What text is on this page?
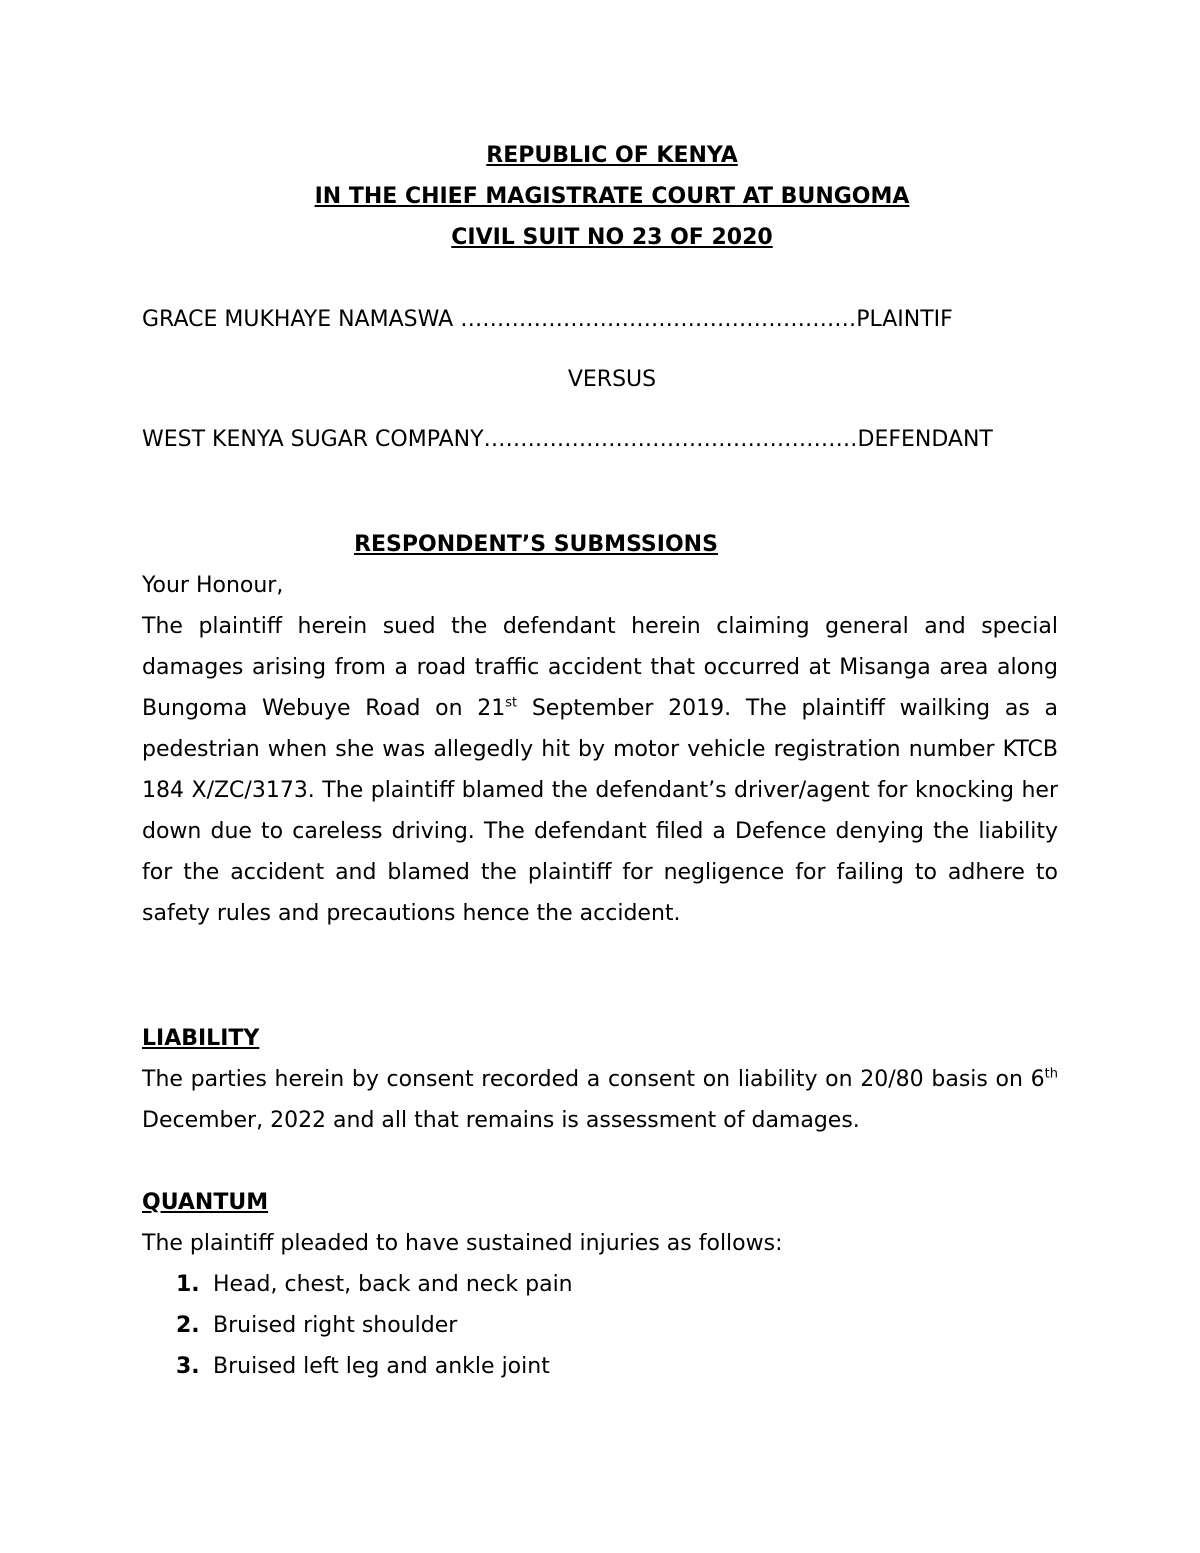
REPUBLIC OF KENYA
IN THE CHIEF MAGISTRATE COURT AT BUNGOMA
CIVIL SUIT NO 23 OF 2020
GRACE MUKHAYE NAMASWA ………………………………………………PLAINTIF
VERSUS
WEST KENYA SUGAR COMPANY……………………………………………DEFENDANT
RESPONDENT’S SUBMSSIONS
Your Honour,

The plaintiff herein sued the defendant herein claiming general and special damages arising from a road traffic accident that occurred at Misanga area along Bungoma Webuye Road on 21st September 2019. The plaintiff wailking as a pedestrian when she was allegedly hit by motor vehicle registration number KTCB 184 X/ZC/3173. The plaintiff blamed the defendant’s driver/agent for knocking her down due to careless driving. The defendant filed a Defence denying the liability for the accident and blamed the plaintiff for negligence for failing to adhere to safety rules and precautions hence the accident.

LIABILITY

The parties herein by consent recorded a consent on liability on 20/80 basis on 6th December, 2022 and all that remains is assessment of damages.

QUANTUM
The plaintiff pleaded to have sustained injuries as follows:
1. Head, chest, back and neck pain
2. Bruised right shoulder
3. Bruised left leg and ankle joint
